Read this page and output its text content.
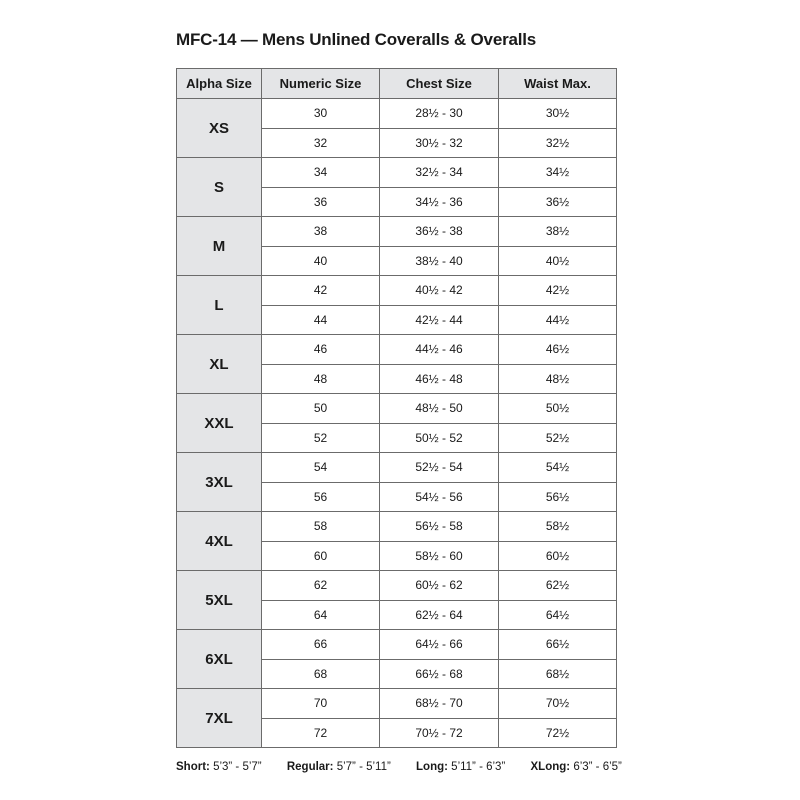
MFC-14 — Mens Unlined Coveralls & Overalls
Alpha Size	Numeric Size	Chest Size	Waist Max.
XS	30	28½ - 30	30½
	32	30½ - 32	32½
S	34	32½ - 34	34½
	36	34½ - 36	36½
M	38	36½ - 38	38½
	40	38½ - 40	40½
L	42	40½ - 42	42½
	44	42½ - 44	44½
XL	46	44½ - 46	46½
	48	46½ - 48	48½
XXL	50	48½ - 50	50½
	52	50½ - 52	52½
3XL	54	52½ - 54	54½
	56	54½ - 56	56½
4XL	58	56½ - 58	58½
	60	58½ - 60	60½
5XL	62	60½ - 62	62½
	64	62½ - 64	64½
6XL	66	64½ - 66	66½
	68	66½ - 68	68½
7XL	70	68½ - 70	70½
	72	70½ - 72	72½
Short: 5’3” - 5’7” Regular: 5’7” - 5’11” Long: 5’11” - 6’3” XLong: 6’3” - 6’5”
